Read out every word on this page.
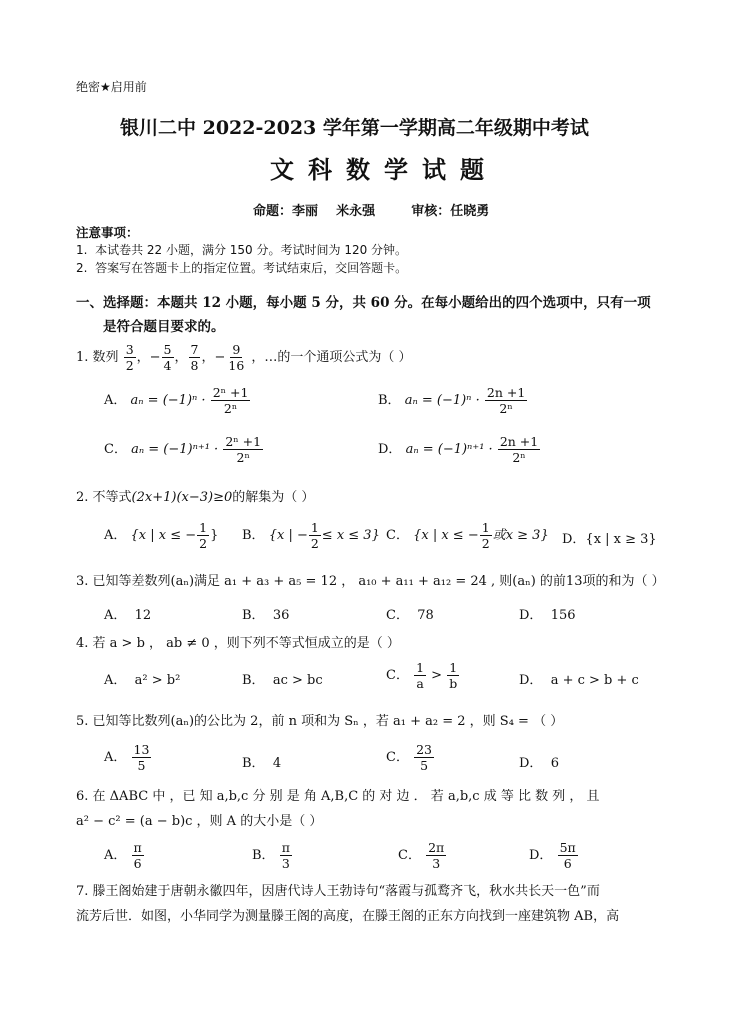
绝密★启用前
银川二中 2022-2023 学年第一学期高二年级期中考试
文科数学试题
命题：李丽    米永强        审核：任晓勇
注意事项：
1.  本试卷共 22 小题，满分 150 分。考试时间为 120 分钟。
2.  答案写在答题卡上的指定位置。考试结束后，交回答题卡。
一、选择题：本题共 12 小题，每小题 5 分，共 60 分。在每小题给出的四个选项中，只有一项
是符合题目要求的。
1. 数列 $\frac{3}{2}$ ，− $\frac{5}{4}$ ， $\frac{7}{8}$ ，− $\frac{9}{16}$ ，…的一个通项公式为（ ）
A． $a_n = (-1)^n \cdot \frac{\text{2ⁿ +1}}{\text{2ⁿ}}$	B． $a_n = (-1)^n \cdot \frac{2n +1}{\text{2ⁿ}}$
C． $a_n = (-1)^{n+1} \cdot \frac{\text{2ⁿ +1}}{\text{2ⁿ}}$	D． $a_n = (-1)^{n+1} \cdot \frac{2n +1}{\text{2ⁿ}}$
2. 不等式(2x+1)(x−3)≥0的解集为（ ）
A． {x | x ≤ − $\frac{1}{2}$ } B． {x | − $\frac{1}{2} \le x \le 3$} C． {x | x ≤ − $\frac{1}{2}$ 或x ≥ 3} D．{x | x ≥ 3}
3. 已知等差数列(aₙ)满足 a₁ + a₃ + a₅ = 12 ， a₁₀ + a₁₁ + a₁₂ = 24 , 则(aₙ) 的前13项的和为（ ）
A．  12	B．  36	C．  78	D．  156
4. 若 a > b ， ab ≠ 0 ，则下列不等式恒成立的是（ ）
A．  a² > b²	B．  ac > bc	C． $\frac{1}{a} > \frac{1}{b}$	D．  a + c > b + c
5. 已知等比数列(aₙ)的公比为 2，前 n 项和为 Sₙ ，若 a₁ + a₂ = 2 ，则 S₄ = （ ）
A． $\frac{13}{5}$	B．  4	C． $\frac{23}{5}$	D．  6
6. 在 ΔABC 中 ，已 知 a,b,c 分 别 是 角 A,B,C 的 对 边 ． 若 a,b,c 成 等 比 数 列 ， 且
a² − c² = (a − b)c ，则 A 的大小是（ ）
A． $\frac{\pi}{6}$	B． $\frac{\pi}{3}$	C． $\frac{2\pi}{3}$	D． $\frac{5\pi}{6}$
7. 滕王阁始建于唐朝永徽四年，因唐代诗人王勃诗句“落霞与孤鹜齐飞，秋水共长天一色”而
流芳后世．如图，小华同学为测量滕王阁的高度，在滕王阁的正东方向找到一座建筑物 AB，高
